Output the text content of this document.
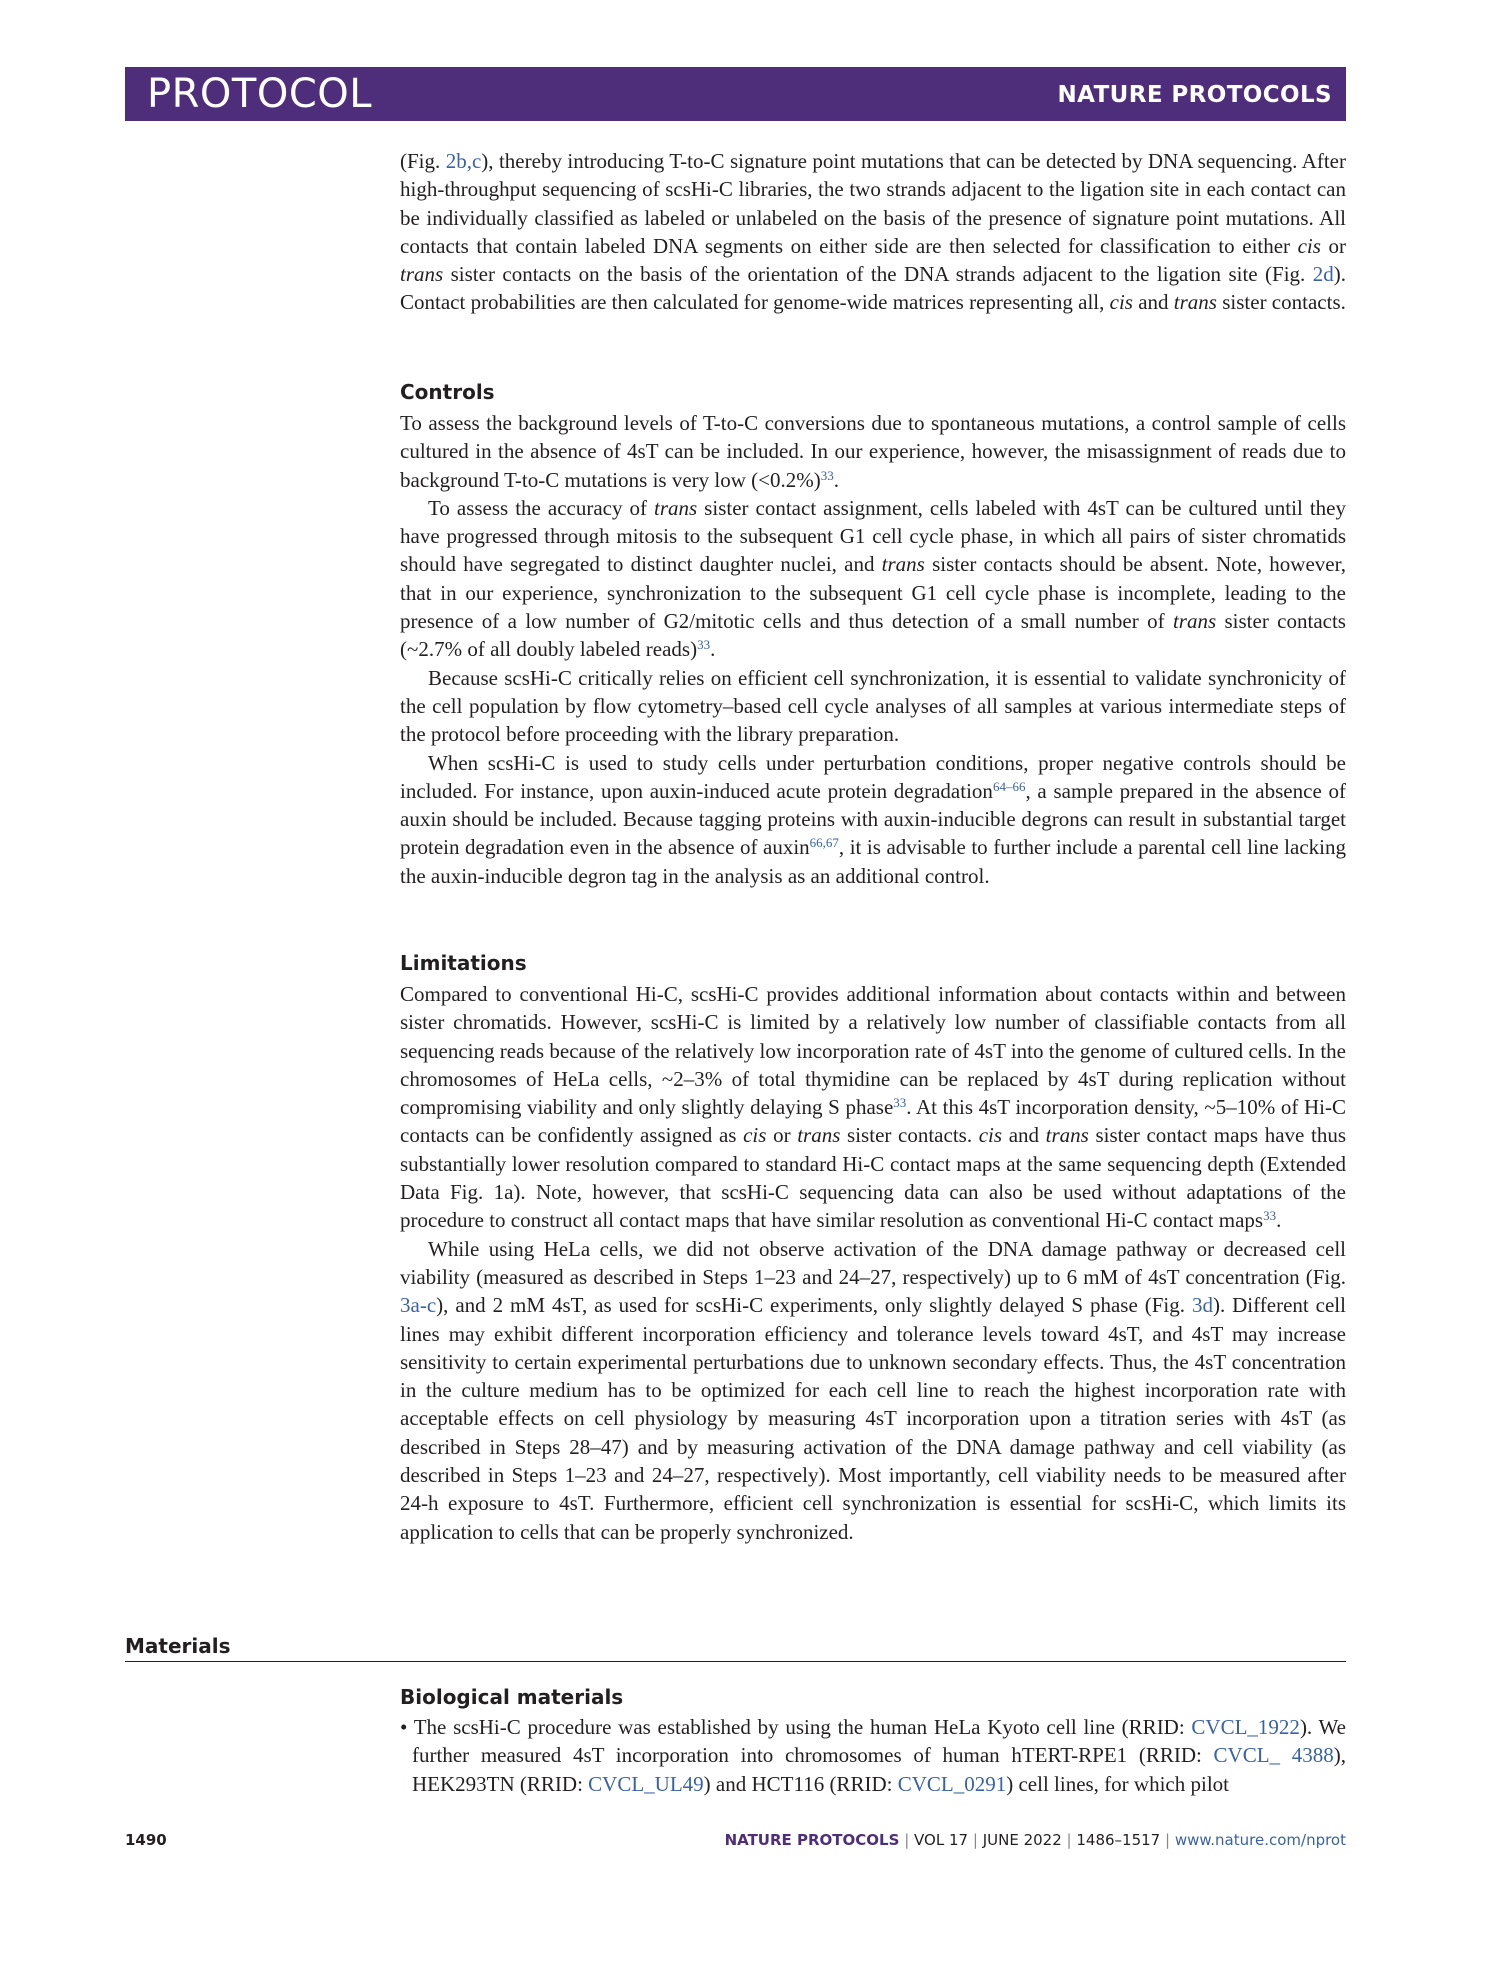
PROTOCOL	NATURE PROTOCOLS

(Fig. 2b,c), thereby introducing T-to-C signature point mutations that can be detected by DNA sequencing. After high-throughput sequencing of scsHi-C libraries, the two strands adjacent to the ligation site in each contact can be individually classified as labeled or unlabeled on the basis of the presence of signature point mutations. All contacts that contain labeled DNA segments on either side are then selected for classification to either cis or trans sister contacts on the basis of the orientation of the DNA strands adjacent to the ligation site (Fig. 2d). Contact probabilities are then calculated for genome-wide matrices representing all, cis and trans sister contacts.

Controls

To assess the background levels of T-to-C conversions due to spontaneous mutations, a control sample of cells cultured in the absence of 4sT can be included. In our experience, however, the misassignment of reads due to background T-to-C mutations is very low (<0.2%)$^{33}$.

To assess the accuracy of trans sister contact assignment, cells labeled with 4sT can be cultured until they have progressed through mitosis to the subsequent G1 cell cycle phase, in which all pairs of sister chromatids should have segregated to distinct daughter nuclei, and trans sister contacts should be absent. Note, however, that in our experience, synchronization to the subsequent G1 cell cycle phase is incomplete, leading to the presence of a low number of G2/mitotic cells and thus detection of a small number of trans sister contacts (~2.7% of all doubly labeled reads)$^{33}$.

Because scsHi-C critically relies on efficient cell synchronization, it is essential to validate synchronicity of the cell population by flow cytometry–based cell cycle analyses of all samples at various intermediate steps of the protocol before proceeding with the library preparation.

When scsHi-C is used to study cells under perturbation conditions, proper negative controls should be included. For instance, upon auxin-induced acute protein degradation$^{64-66}$, a sample prepared in the absence of auxin should be included. Because tagging proteins with auxin-inducible degrons can result in substantial target protein degradation even in the absence of auxin$^{66,67}$, it is advisable to further include a parental cell line lacking the auxin-inducible degron tag in the analysis as an additional control.

Limitations

Compared to conventional Hi-C, scsHi-C provides additional information about contacts within and between sister chromatids. However, scsHi-C is limited by a relatively low number of classifiable contacts from all sequencing reads because of the relatively low incorporation rate of 4sT into the genome of cultured cells. In the chromosomes of HeLa cells, ~2–3% of total thymidine can be replaced by 4sT during replication without compromising viability and only slightly delaying S phase$^{33}$. At this 4sT incorporation density, ~5–10% of Hi-C contacts can be confidently assigned as cis or trans sister contacts. cis and trans sister contact maps have thus substantially lower resolution compared to standard Hi-C contact maps at the same sequencing depth (Extended Data Fig. 1a). Note, however, that scsHi-C sequencing data can also be used without adaptations of the procedure to construct all contact maps that have similar resolution as conventional Hi-C contact maps$^{33}$.

While using HeLa cells, we did not observe activation of the DNA damage pathway or decreased cell viability (measured as described in Steps 1–23 and 24–27, respectively) up to 6 mM of 4sT concentration (Fig. 3a-c), and 2 mM 4sT, as used for scsHi-C experiments, only slightly delayed S phase (Fig. 3d). Different cell lines may exhibit different incorporation efficiency and tolerance levels toward 4sT, and 4sT may increase sensitivity to certain experimental perturbations due to unknown secondary effects. Thus, the 4sT concentration in the culture medium has to be optimized for each cell line to reach the highest incorporation rate with acceptable effects on cell physiology by measuring 4sT incorporation upon a titration series with 4sT (as described in Steps 28–47) and by measuring activation of the DNA damage pathway and cell viability (as described in Steps 1–23 and 24–27, respectively). Most importantly, cell viability needs to be measured after 24-h exposure to 4sT. Furthermore, efficient cell synchronization is essential for scsHi-C, which limits its application to cells that can be properly synchronized.

Materials
Biological materials

• The scsHi-C procedure was established by using the human HeLa Kyoto cell line (RRID: CVCL_1922). We further measured 4sT incorporation into chromosomes of human hTERT-RPE1 (RRID: CVCL_ 4388), HEK293TN (RRID: CVCL_UL49) and HCT116 (RRID: CVCL_0291) cell lines, for which pilot

1490	NATURE PROTOCOLS | VOL 17 | JUNE 2022 | 1486–1517 | www.nature.com/nprot
